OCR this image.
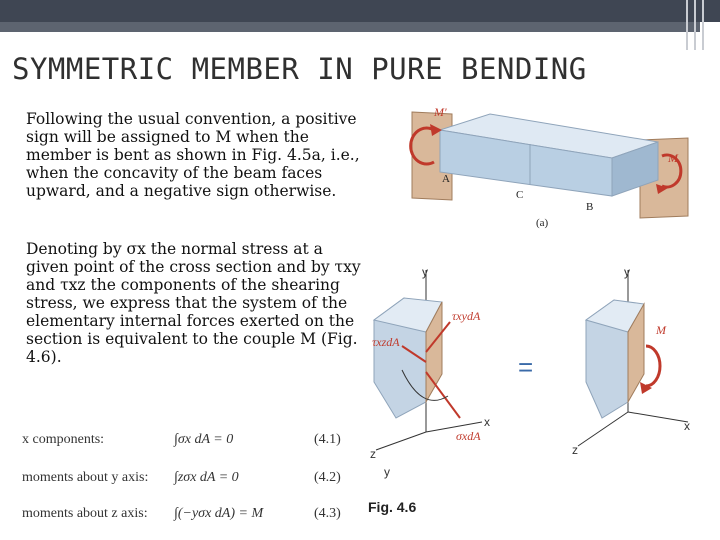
SYMMETRIC MEMBER IN PURE BENDING

Following the usual convention, a positive sign will be assigned to M when the member is bent as shown in Fig. 4.5a, i.e., when the concavity of the beam faces upward, and a negative sign otherwise.

Denoting by σx the normal stress at a given point of the cross section and by τxy and τxz the components of the shearing stress, we express that the system of the elementary internal forces exerted on the section is equivalent to the couple M (Fig. 4.6).

x components:	∫σx dA = 0	(4.1)
moments about y axis: ∫zσx dA = 0	(4.2)
moments about z axis: ∫(−yσx dA) = M	(4.3)
M'
M
A
C
B
(a)
y
x
z
τxydA
τxzdA
σxdA
y
=
M
y
x
z
Fig. 4.6
